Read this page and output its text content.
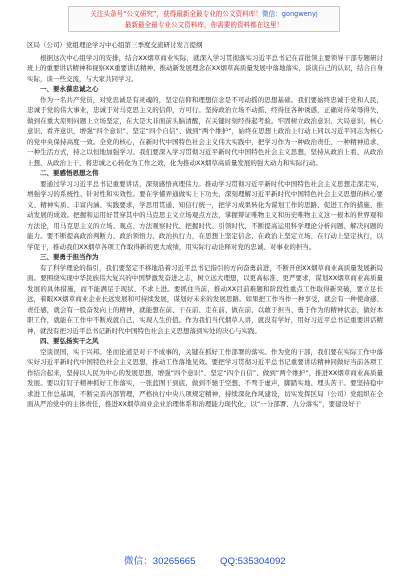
关注头条号“公文研究”，获得最新全最专业的公文资料库！微信：gongwenyj
最新最全最专业公文资料库，你需要的资料都在这里！
区局（公司）党组理论学习中心组第三季度交流研讨发言提纲

根据这次中心组学习的安排，结合XX烟草商业实际，就深入学习贯彻落实习近平总书记在首批领主要领导干部专题研讨班上的重要讲话精神和视察XX重要讲话精神、推动新发展理念在XX烟草高质量发展中落地落实，谈谈自己的认识，结合自身实际，谈一些交流，与大家共同学习。

一、要永葆忠诚之心

作为一名共产党员，对党忠诚是有灵魂的，坚定信仰和理想信念是不可动摇的思想基础。我们要始终忠诚于党和人民，忠诚于党的伟大事业，忠诚于对马克思主义的信仰，方可行。坚持政治立场不动摇，经得住各种诱惑，正确对待荣辱得失，做到在重大原则问题上立场坚定，在大是大非面前头脑清醒，在关键时刻经得起考验。牢固树立政治意识、大局意识、核心意识、看齐意识，增强“四个意识”、坚定“四个自信”、做到“两个维护”，始终在思想上政治上行动上同以习近平同志为核心的党中央保持高度一致。全党的核心，在新时代中国特色社会主义伟大实践中，把学习作为一种政治责任、一种精神追求、一种生活方式，持之以恒地加强学习。我们要深入学习贯彻习近平新时代中国特色社会主义思想，坚持从政治上看、从政治上想、从政治上干，将忠诚之心转化为工作之效，化为推动XX烟草高质量发展的强大动力和实际行动。

二、要感悟思想之伟

要通过学习习近平总书记重要讲话，深刻感悟真理伟力。推动学习贯彻习近平新时代中国特色社会主义思想走深走实，增强学习的系统性、针对性和实效性。要在学懂弄通做实上下功夫，深刻理解习近平新时代中国特色社会主义思想的核心要义、精神实质、丰富内涵、实践要求，学思用贯通、知信行统一，把学习成果转化为谋划工作的思路、促进工作的措施、推动发展的成效。把握和运用好贯穿其中的马克思主义立场观点方法，掌握辩证唯物主义和历史唯物主义这一根本的世界观和方法论，用马克思主义的立场、观点、方法观察时代、把握时代、引领时代，不断提高运用科学理论分析问题、解决问题的能力。要不断提高政治判断力、政治领悟力、政治执行力，在思想上坚定信念、在政治上坚定立场、在行动上坚定执行，以学促干，推动我们XX烟草各项工作取得新的更大成绩，用实际行动诠释对党的忠诚、对事业的担当。

三、要勇于担当作为

有了科学理论的指引，我们要坚定不移地沿着习近平总书记指引的方向奋勇前进，不断开创XX烟草商业高质量发展新局面。要围绕实现中华民族伟大复兴的中国梦激发奋进之志，树立远大理想，以更高标准、更严要求，谋划XX烟草商业高质量发展的具体措施，而不能满足于现状、不求上进。要抓住当前，推动XX目前难题和阶段性重点工作取得新突破，要立足长远，着眼XX烟草商业企业长远发展和可持续发展，谋划好未来的发展思路。如果把工作当作一种享受，就会有一种使命感、责任感，就会有一股奋发向上的精神，就能想在前、干在前、走在前、做在前，以敢于担当、勇于作为的精神状态，做好本职工作，就能在工作中不断成就自己，实现人生价值。作为我们当代烟草人讲，就没有学好，用好习近平总书记重要讲话精神，就没有把习近平总书记新时代中国特色社会主义思想落到实处的决心与实践。

四、要弘扬实干之风

空谈误国，实干兴邦。坐而论道是对干不成事的，关键在抓好工作部署的落实。作为党的干部，我们要在实际工作中落实好习近平新时代中国特色社会主义思想，推动工作落地见效。要把学习贯彻习近平总书记重要讲话精神同做好当前各项工作结合起来，坚持以人民为中心的发展思想，增强“四个意识”、坚定“四个自信”、做到“两个维护”，推进XX烟草商业高质量发展。要以钉钉子精神抓好工作落实，一张蓝图干到底，做到不驰于空想、不骛于虚声，脚踏实地、埋头苦干。要坚持稳中求进工作总基调，不断完善内部管理，严格执行中央八项规定精神，持续深化作风建设，切实发挥区局（公司）党组织在全面从严治党中的主体责任，推进XX烟草商业企业治理体系和治理能力现代化，以“一分部署、九分落实”，要建设好干

微信：30265665	QQ:535304092
